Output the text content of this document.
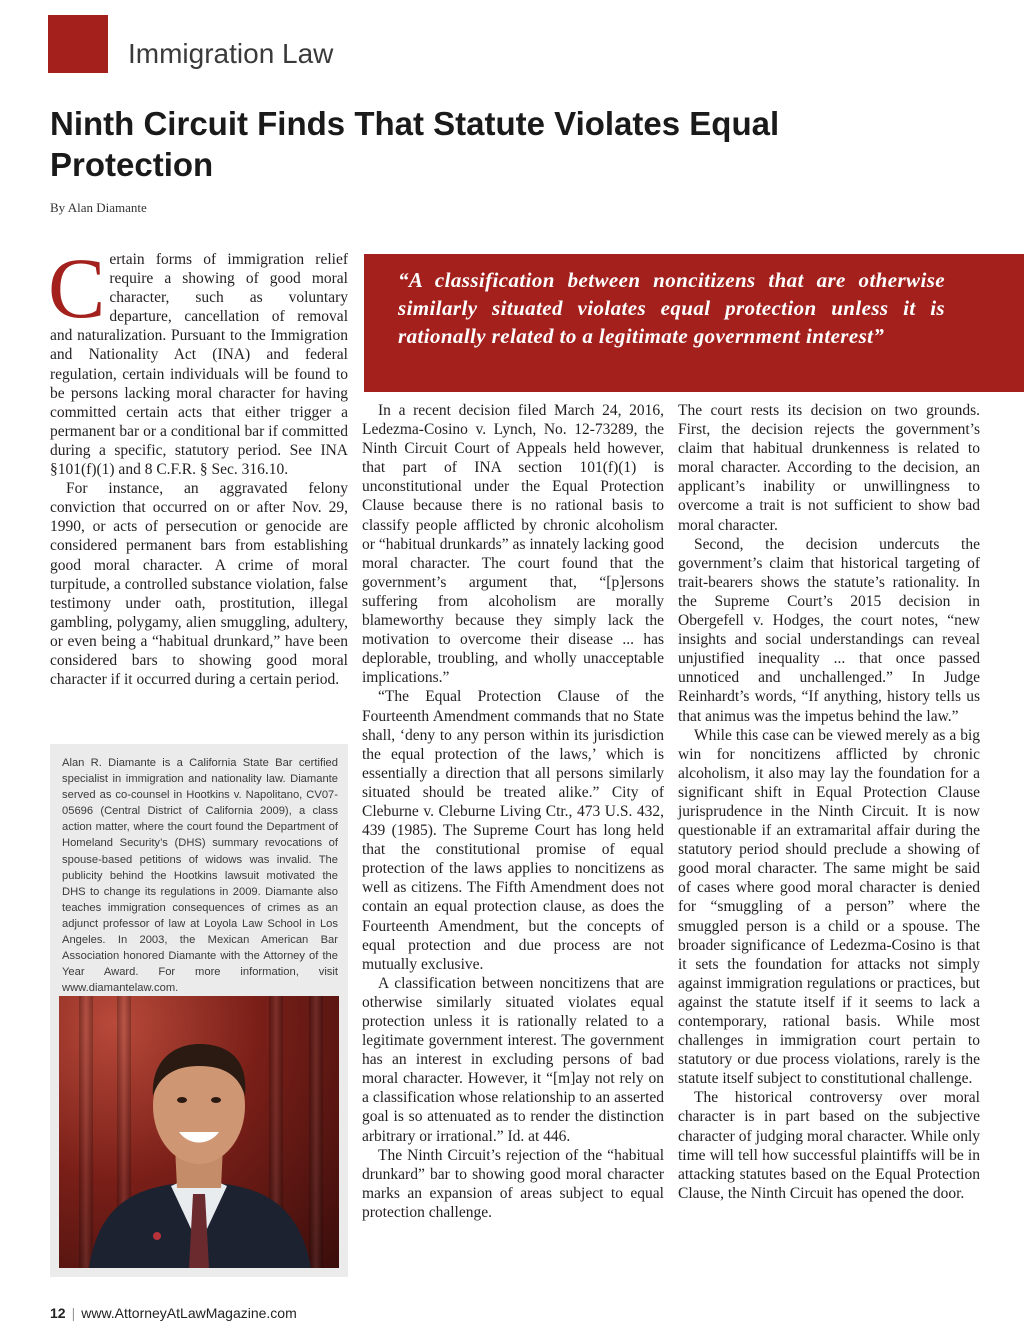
Immigration Law
Ninth Circuit Finds That Statute Violates Equal Protection
By Alan Diamante
C ertain forms of immigration relief require a showing of good moral character, such as voluntary departure, cancellation of removal and naturalization. Pursuant to the Immigration and Nationality Act (INA) and federal regulation, certain individuals will be found to be persons lacking moral character for having committed certain acts that either trigger a permanent bar or a conditional bar if committed during a specific, statutory period. See INA §101(f)(1) and 8 C.F.R. § Sec. 316.10.

For instance, an aggravated felony conviction that occurred on or after Nov. 29, 1990, or acts of persecution or genocide are considered permanent bars from establishing good moral character. A crime of moral turpitude, a controlled substance violation, false testimony under oath, prostitution, illegal gambling, polygamy, alien smuggling, adultery, or even being a “habitual drunkard,” have been considered bars to showing good moral character if it occurred during a certain period.

“A classification between noncitizens that are otherwise similarly situated violates equal protection unless it is rationally related to a legitimate government interest”

In a recent decision filed March 24, 2016, Ledezma-Cosino v. Lynch, No. 12-73289, the Ninth Circuit Court of Appeals held however, that part of INA section 101(f)(1) is unconstitutional under the Equal Protection Clause because there is no rational basis to classify people afflicted by chronic alcoholism or “habitual drunkards” as innately lacking good moral character. The court found that the government’s argument that, “[p]ersons suffering from alcoholism are morally blameworthy because they simply lack the motivation to overcome their disease ... has deplorable, troubling, and wholly unacceptable implications.”

“The Equal Protection Clause of the Fourteenth Amendment commands that no State shall, ‘deny to any person within its jurisdiction the equal protection of the laws,’ which is essentially a direction that all persons similarly situated should be treated alike.” City of Cleburne v. Cleburne Living Ctr., 473 U.S. 432, 439 (1985). The Supreme Court has long held that the constitutional promise of equal protection of the laws applies to noncitizens as well as citizens. The Fifth Amendment does not contain an equal protection clause, as does the Fourteenth Amendment, but the concepts of equal protection and due process are not mutually exclusive.

A classification between noncitizens that are otherwise similarly situated violates equal protection unless it is rationally related to a legitimate government interest. The government has an interest in excluding persons of bad moral character. However, it “[m]ay not rely on a classification whose relationship to an asserted goal is so attenuated as to render the distinction arbitrary or irrational.” Id. at 446.

The Ninth Circuit’s rejection of the “habitual drunkard” bar to showing good moral character marks an expansion of areas subject to equal protection challenge.

The court rests its decision on two grounds. First, the decision rejects the government’s claim that habitual drunkenness is related to moral character. According to the decision, an applicant’s inability or unwillingness to overcome a trait is not sufficient to show bad moral character.

Second, the decision undercuts the government’s claim that historical targeting of trait-bearers shows the statute’s rationality. In the Supreme Court’s 2015 decision in Obergefell v. Hodges, the court notes, “new insights and social understandings can reveal unjustified inequality ... that once passed unnoticed and unchallenged.” In Judge Reinhardt’s words, “If anything, history tells us that animus was the impetus behind the law.”

While this case can be viewed merely as a big win for noncitizens afflicted by chronic alcoholism, it also may lay the foundation for a significant shift in Equal Protection Clause jurisprudence in the Ninth Circuit. It is now questionable if an extramarital affair during the statutory period should preclude a showing of good moral character. The same might be said of cases where good moral character is denied for “smuggling of a person” where the smuggled person is a child or a spouse. The broader significance of Ledezma-Cosino is that it sets the foundation for attacks not simply against immigration regulations or practices, but against the statute itself if it seems to lack a contemporary, rational basis. While most challenges in immigration court pertain to statutory or due process violations, rarely is the statute itself subject to constitutional challenge.

The historical controversy over moral character is in part based on the subjective character of judging moral character. While only time will tell how successful plaintiffs will be in attacking statutes based on the Equal Protection Clause, the Ninth Circuit has opened the door.

Alan R. Diamante is a California State Bar certified specialist in immigration and nationality law. Diamante served as co-counsel in Hootkins v. Napolitano, CV07-05696 (Central District of California 2009), a class action matter, where the court found the Department of Homeland Security’s (DHS) summary revocations of spouse-based petitions of widows was invalid. The publicity behind the Hootkins lawsuit motivated the DHS to change its regulations in 2009. Diamante also teaches immigration consequences of crimes as an adjunct professor of law at Loyola Law School in Los Angeles. In 2003, the Mexican American Bar Association honored Diamante with the Attorney of the Year Award. For more information, visit www.diamantelaw.com.
12 | www.AttorneyAtLawMagazine.com
